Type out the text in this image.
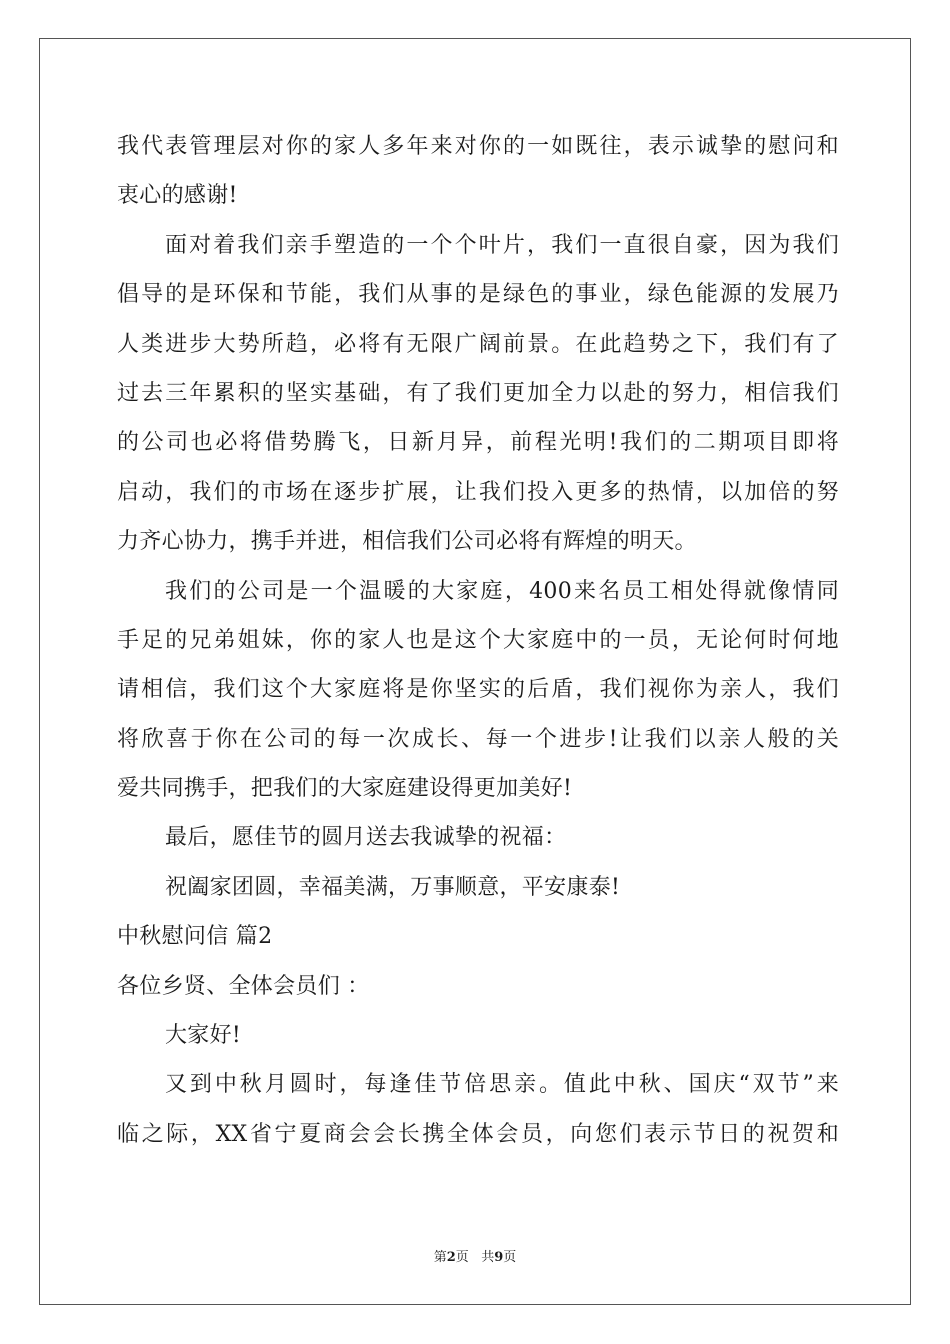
我代表管理层对你的家人多年来对你的一如既往，表示诚挚的慰问和
衷心的感谢!
面对着我们亲手塑造的一个个叶片，我们一直很自豪，因为我们
倡导的是环保和节能，我们从事的是绿色的事业，绿色能源的发展乃
人类进步大势所趋，必将有无限广阔前景。在此趋势之下，我们有了
过去三年累积的坚实基础，有了我们更加全力以赴的努力，相信我们
的公司也必将借势腾飞，日新月异，前程光明!我们的二期项目即将
启动，我们的市场在逐步扩展，让我们投入更多的热情，以加倍的努
力齐心协力，携手并进，相信我们公司必将有辉煌的明天。
我们的公司是一个温暖的大家庭，400来名员工相处得就像情同
手足的兄弟姐妹，你的家人也是这个大家庭中的一员，无论何时何地
请相信，我们这个大家庭将是你坚实的后盾，我们视你为亲人，我们
将欣喜于你在公司的每一次成长、每一个进步!让我们以亲人般的关
爱共同携手，把我们的大家庭建设得更加美好!
最后，愿佳节的圆月送去我诚挚的祝福：
祝阖家团圆，幸福美满，万事顺意，平安康泰!
中秋慰问信 篇2
各位乡贤、全体会员们 ：
大家好!
又到中秋月圆时，每逢佳节倍思亲。值此中秋、国庆“双节”来
临之际，XX省宁夏商会会长携全体会员，向您们表示节日的祝贺和
第2页 共9页
